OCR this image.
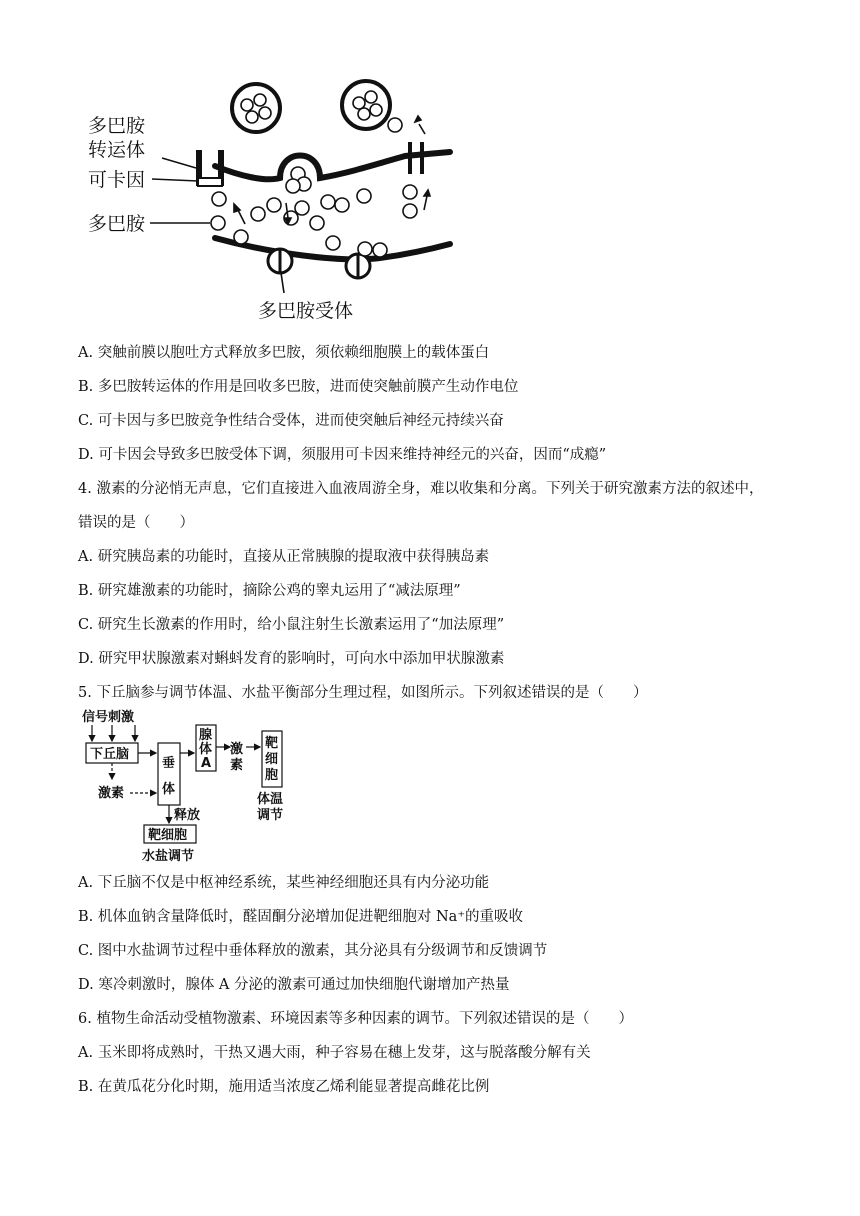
多巴胺
转运体
可卡因
多巴胺
多巴胺受体
A. 突触前膜以胞吐方式释放多巴胺，须依赖细胞膜上的载体蛋白
B. 多巴胺转运体的作用是回收多巴胺，进而使突触前膜产生动作电位
C. 可卡因与多巴胺竞争性结合受体，进而使突触后神经元持续兴奋
D. 可卡因会导致多巴胺受体下调，须服用可卡因来维持神经元的兴奋，因而“成瘾”
4. 激素的分泌悄无声息，它们直接进入血液周游全身，难以收集和分离。下列关于研究激素方法的叙述中，
错误的是（　　）
A. 研究胰岛素的功能时，直接从正常胰腺的提取液中获得胰岛素
B. 研究雄激素的功能时，摘除公鸡的睾丸运用了“减法原理”
C. 研究生长激素的作用时，给小鼠注射生长激素运用了“加法原理”
D. 研究甲状腺激素对蝌蚪发育的影响时，可向水中添加甲状腺激素
5. 下丘脑参与调节体温、水盐平衡部分生理过程，如图所示。下列叙述错误的是（　　）
信号刺激
下丘脑
垂
体
腺
体
A
激
素
靶
细
胞
体温
调节
激素
释放
靶细胞
水盐调节
A. 下丘脑不仅是中枢神经系统，某些神经细胞还具有内分泌功能
B. 机体血钠含量降低时，醛固酮分泌增加促进靶细胞对 Na⁺的重吸收
C. 图中水盐调节过程中垂体释放的激素，其分泌具有分级调节和反馈调节
D. 寒冷刺激时，腺体 A 分泌的激素可通过加快细胞代谢增加产热量
6. 植物生命活动受植物激素、环境因素等多种因素的调节。下列叙述错误的是（　　）
A. 玉米即将成熟时，干热又遇大雨，种子容易在穗上发芽，这与脱落酸分解有关
B. 在黄瓜花分化时期，施用适当浓度乙烯利能显著提高雌花比例
